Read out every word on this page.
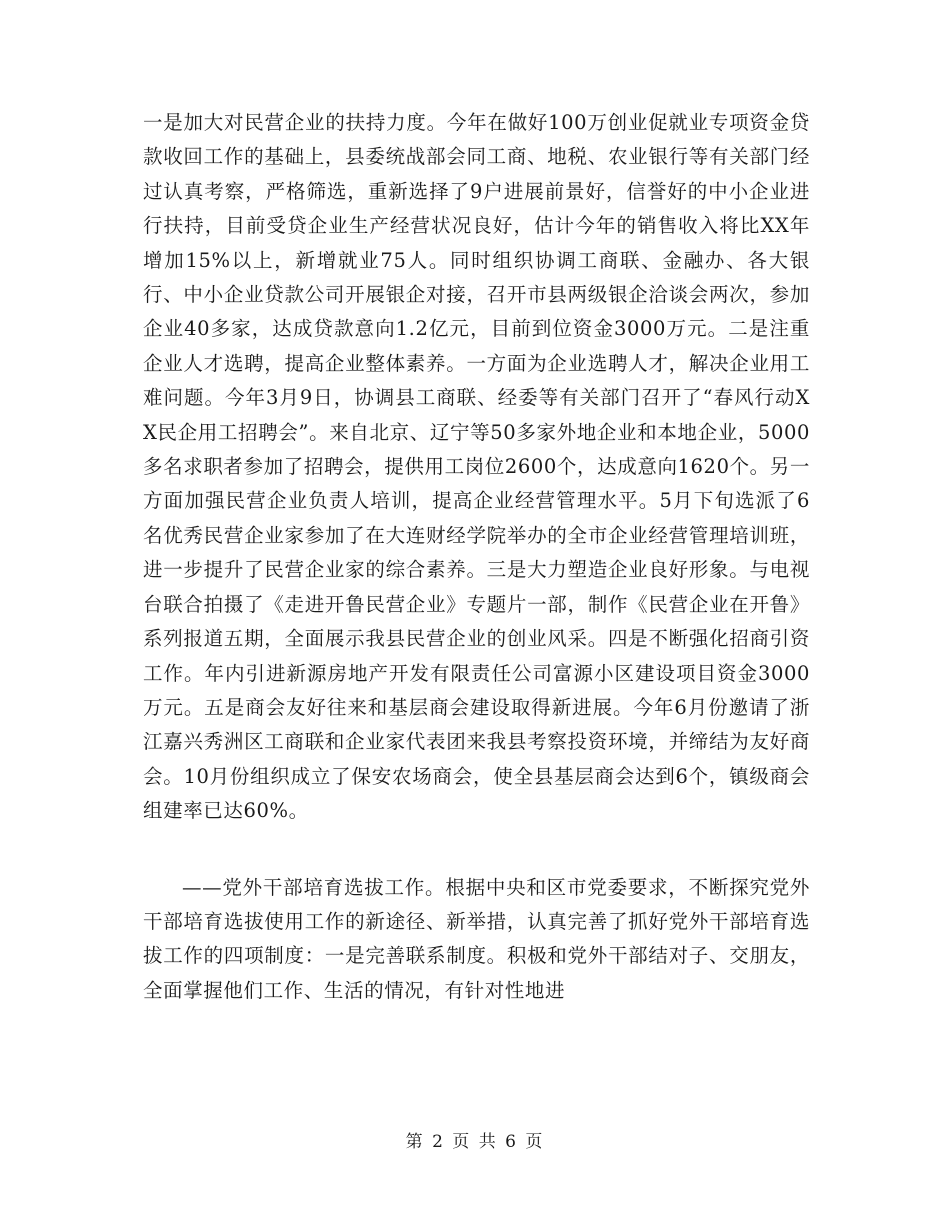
一是加大对民营企业的扶持力度。今年在做好100万创业促就业专项资金贷款收回工作的基础上，县委统战部会同工商、地税、农业银行等有关部门经过认真考察，严格筛选，重新选择了9户进展前景好，信誉好的中小企业进行扶持，目前受贷企业生产经营状况良好，估计今年的销售收入将比XX年增加15%以上，新增就业75人。同时组织协调工商联、金融办、各大银行、中小企业贷款公司开展银企对接，召开市县两级银企洽谈会两次，参加企业40多家，达成贷款意向1.2亿元，目前到位资金3000万元。二是注重企业人才选聘，提高企业整体素养。一方面为企业选聘人才，解决企业用工难问题。今年3月9日，协调县工商联、经委等有关部门召开了“春风行动XX民企用工招聘会”。来自北京、辽宁等50多家外地企业和本地企业，5000多名求职者参加了招聘会，提供用工岗位2600个，达成意向1620个。另一方面加强民营企业负责人培训，提高企业经营管理水平。5月下旬选派了6名优秀民营企业家参加了在大连财经学院举办的全市企业经营管理培训班，进一步提升了民营企业家的综合素养。三是大力塑造企业良好形象。与电视台联合拍摄了《走进开鲁民营企业》专题片一部，制作《民营企业在开鲁》系列报道五期，全面展示我县民营企业的创业风采。四是不断强化招商引资工作。年内引进新源房地产开发有限责任公司富源小区建设项目资金3000万元。五是商会友好往来和基层商会建设取得新进展。今年6月份邀请了浙江嘉兴秀洲区工商联和企业家代表团来我县考察投资环境，并缔结为友好商会。10月份组织成立了保安农场商会，使全县基层商会达到6个，镇级商会组建率已达60%。

——党外干部培育选拔工作。根据中央和区市党委要求，不断探究党外干部培育选拔使用工作的新途径、新举措，认真完善了抓好党外干部培育选拔工作的四项制度：一是完善联系制度。积极和党外干部结对子、交朋友，全面掌握他们工作、生活的情况，有针对性地进

第 2 页 共 6 页
